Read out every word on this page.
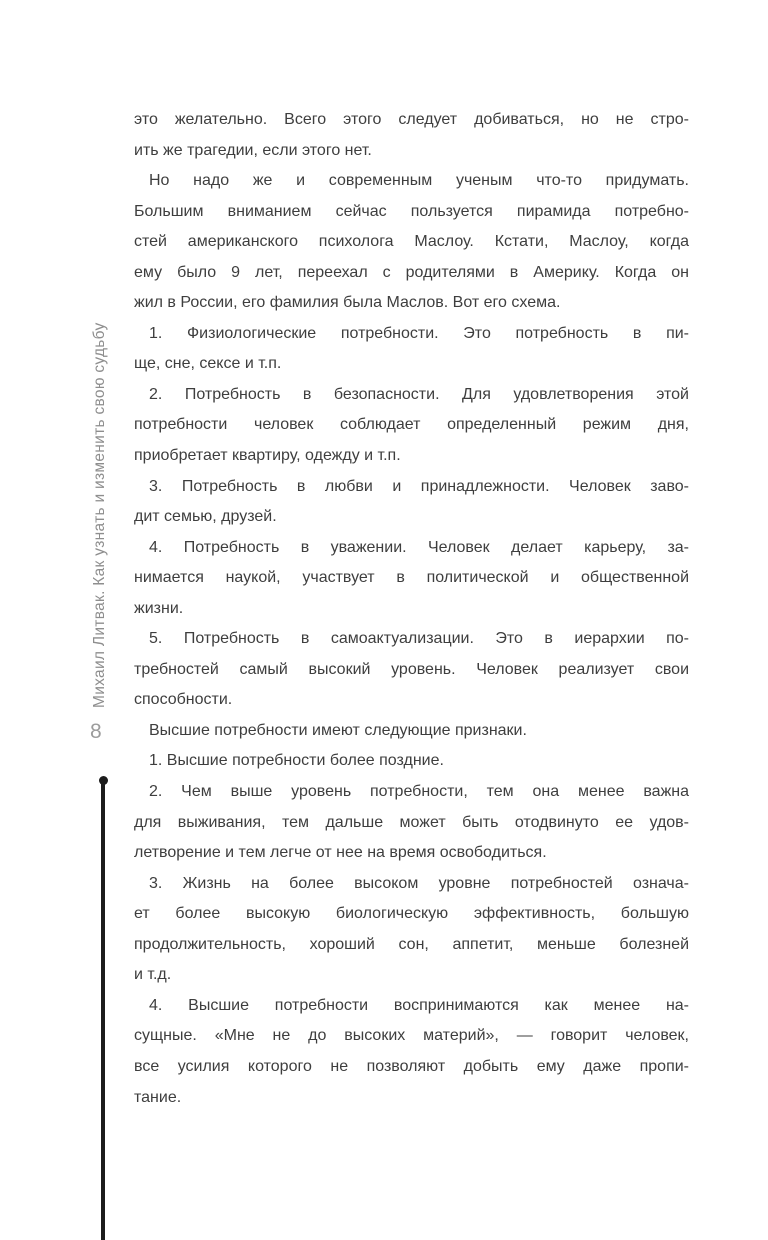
Михаил Литвак. Как узнать и изменить свою судьбу
8
это желательно. Всего этого следует добиваться, но не стро-
ить же трагедии, если этого нет.
Но надо же и современным ученым что-то придумать.
Большим вниманием сейчас пользуется пирамида потребно-
стей американского психолога Маслоу. Кстати, Маслоу, когда
ему было 9 лет, переехал с родителями в Америку. Когда он
жил в России, его фамилия была Маслов. Вот его схема.
1. Физиологические потребности. Это потребность в пи-
ще, сне, сексе и т.п.
2. Потребность в безопасности. Для удовлетворения этой
потребности человек соблюдает определенный режим дня,
приобретает квартиру, одежду и т.п.
3. Потребность в любви и принадлежности. Человек заво-
дит семью, друзей.
4. Потребность в уважении. Человек делает карьеру, за-
нимается наукой, участвует в политической и общественной
жизни.
5. Потребность в самоактуализации. Это в иерархии по-
требностей самый высокий уровень. Человек реализует свои
способности.
Высшие потребности имеют следующие признаки.
1. Высшие потребности более поздние.
2. Чем выше уровень потребности, тем она менее важна
для выживания, тем дальше может быть отодвинуто ее удов-
летворение и тем легче от нее на время освободиться.
3. Жизнь на более высоком уровне потребностей означа-
ет более высокую биологическую эффективность, большую
продолжительность, хороший сон, аппетит, меньше болезней
и т.д.
4. Высшие потребности воспринимаются как менее на-
сущные. «Мне не до высоких материй», — говорит человек,
все усилия которого не позволяют добыть ему даже пропи-
тание.
